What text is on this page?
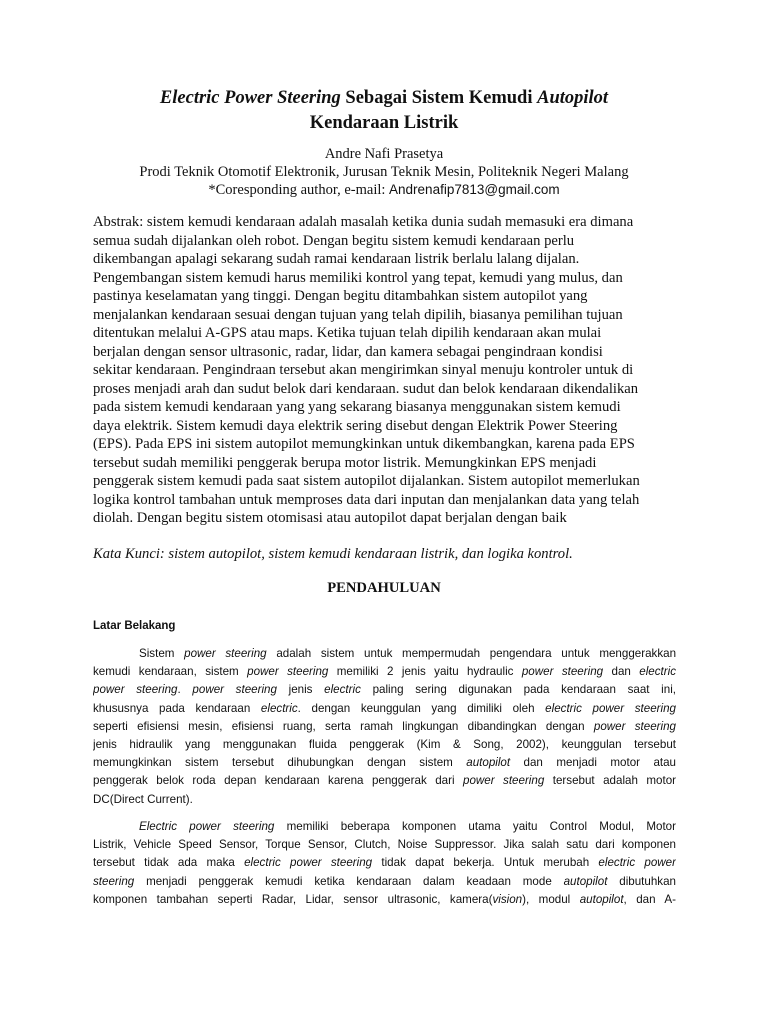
Electric Power Steering Sebagai Sistem Kemudi Autopilot
Kendaraan Listrik
Andre Nafi Prasetya
Prodi Teknik Otomotif Elektronik, Jurusan Teknik Mesin, Politeknik Negeri Malang
*Coresponding author, e-mail: Andrenafip7813@gmail.com
Abstrak: sistem kemudi kendaraan adalah masalah ketika dunia sudah memasuki era dimana
semua sudah dijalankan oleh robot. Dengan begitu sistem kemudi kendaraan perlu
dikembangan apalagi sekarang sudah ramai kendaraan listrik berlalu lalang dijalan.
Pengembangan sistem kemudi harus memiliki kontrol yang tepat, kemudi yang mulus, dan
pastinya keselamatan yang tinggi. Dengan begitu ditambahkan sistem autopilot yang
menjalankan kendaraan sesuai dengan tujuan yang telah dipilih, biasanya pemilihan tujuan
ditentukan melalui A-GPS atau maps. Ketika tujuan telah dipilih kendaraan akan mulai
berjalan dengan sensor ultrasonic, radar, lidar, dan kamera sebagai pengindraan kondisi
sekitar kendaraan. Pengindraan tersebut akan mengirimkan sinyal menuju kontroler untuk di
proses menjadi arah dan sudut belok dari kendaraan. sudut dan belok kendaraan dikendalikan
pada sistem kemudi kendaraan yang yang sekarang biasanya menggunakan sistem kemudi
daya elektrik. Sistem kemudi daya elektrik sering disebut dengan Elektrik Power Steering
(EPS). Pada EPS ini sistem autopilot memungkinkan untuk dikembangkan, karena pada EPS
tersebut sudah memiliki penggerak berupa motor listrik. Memungkinkan EPS menjadi
penggerak sistem kemudi pada saat sistem autopilot dijalankan. Sistem autopilot memerlukan
logika kontrol tambahan untuk memproses data dari inputan dan menjalankan data yang telah
diolah. Dengan begitu sistem otomisasi atau autopilot dapat berjalan dengan baik
Kata Kunci: sistem autopilot, sistem kemudi kendaraan listrik, dan logika kontrol.
PENDAHULUAN
Latar Belakang
Sistem power steering adalah sistem untuk mempermudah pengendara untuk menggerakkan
kemudi kendaraan, sistem power steering memiliki 2 jenis yaitu hydraulic power steering dan electric
power steering. power steering jenis electric paling sering digunakan pada kendaraan saat ini,
khususnya pada kendaraan electric. dengan keunggulan yang dimiliki oleh electric power steering
seperti efisiensi mesin, efisiensi ruang, serta ramah lingkungan dibandingkan dengan power steering
jenis hidraulik yang menggunakan fluida penggerak (Kim & Song, 2002), keunggulan tersebut
memungkinkan sistem tersebut dihubungkan dengan sistem autopilot dan menjadi motor atau
penggerak belok roda depan kendaraan karena penggerak dari power steering tersebut adalah motor
DC(Direct Current).
Electric power steering memiliki beberapa komponen utama yaitu Control Modul, Motor
Listrik, Vehicle Speed Sensor, Torque Sensor, Clutch, Noise Suppressor. Jika salah satu dari komponen
tersebut tidak ada maka electric power steering tidak dapat bekerja. Untuk merubah electric power
steering menjadi penggerak kemudi ketika kendaraan dalam keadaan mode autopilot dibutuhkan
komponen tambahan seperti Radar, Lidar, sensor ultrasonic, kamera(vision), modul autopilot, dan A-
